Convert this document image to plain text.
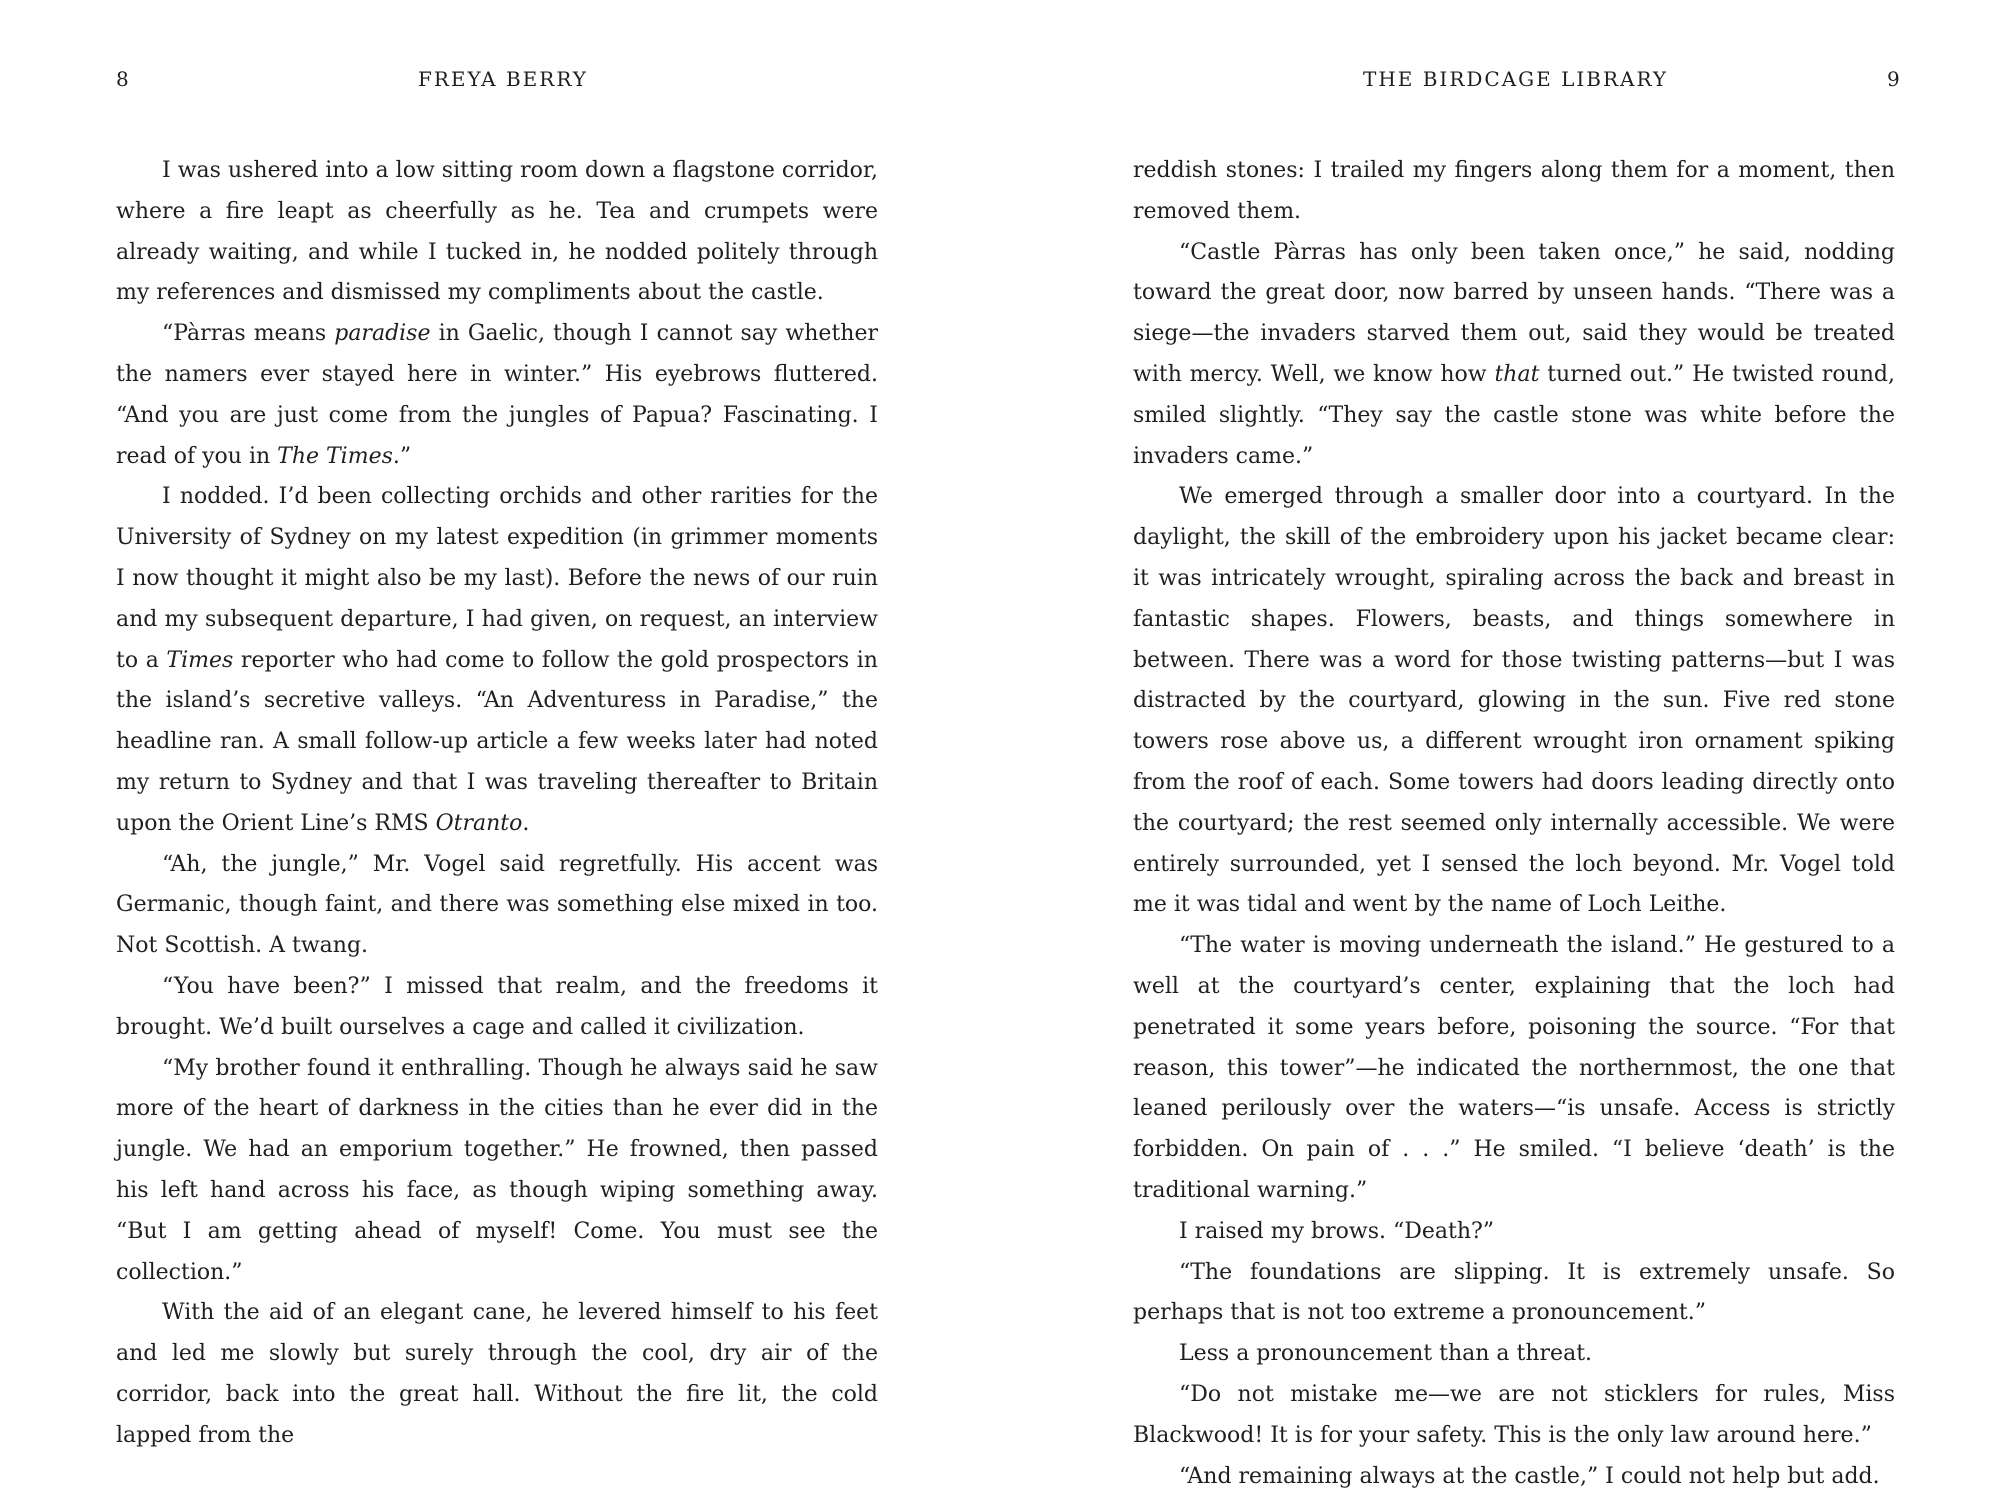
8	FREYA BERRY

I was ushered into a low sitting room down a flagstone corridor, where a fire leapt as cheerfully as he. Tea and crumpets were already waiting, and while I tucked in, he nodded politely through my references and dismissed my compliments about the castle.

“Pàrras means paradise in Gaelic, though I cannot say whether the namers ever stayed here in winter.” His eyebrows fluttered. “And you are just come from the jungles of Papua? Fascinating. I read of you in The Times.”

I nodded. I’d been collecting orchids and other rarities for the University of Sydney on my latest expedition (in grimmer moments I now thought it might also be my last). Before the news of our ruin and my subsequent departure, I had given, on request, an interview to a Times reporter who had come to follow the gold prospectors in the island’s secretive valleys. “An Adventuress in Paradise,” the headline ran. A small follow-up article a few weeks later had noted my return to Sydney and that I was traveling thereafter to Britain upon the Orient Line’s RMS Otranto.

“Ah, the jungle,” Mr. Vogel said regretfully. His accent was Germanic, though faint, and there was something else mixed in too. Not Scottish. A twang.

“You have been?” I missed that realm, and the freedoms it brought. We’d built ourselves a cage and called it civilization.

“My brother found it enthralling. Though he always said he saw more of the heart of darkness in the cities than he ever did in the jungle. We had an emporium together.” He frowned, then passed his left hand across his face, as though wiping something away. “But I am getting ahead of myself! Come. You must see the collection.”

With the aid of an elegant cane, he levered himself to his feet and led me slowly but surely through the cool, dry air of the corridor, back into the great hall. Without the fire lit, the cold lapped from the

THE BIRDCAGE LIBRARY	9

reddish stones: I trailed my fingers along them for a moment, then removed them.

“Castle Pàrras has only been taken once,” he said, nodding toward the great door, now barred by unseen hands. “There was a siege—the invaders starved them out, said they would be treated with mercy. Well, we know how that turned out.” He twisted round, smiled slightly. “They say the castle stone was white before the invaders came.”

We emerged through a smaller door into a courtyard. In the daylight, the skill of the embroidery upon his jacket became clear: it was intricately wrought, spiraling across the back and breast in fantastic shapes. Flowers, beasts, and things somewhere in between. There was a word for those twisting patterns—but I was distracted by the courtyard, glowing in the sun. Five red stone towers rose above us, a different wrought iron ornament spiking from the roof of each. Some towers had doors leading directly onto the courtyard; the rest seemed only internally accessible. We were entirely surrounded, yet I sensed the loch beyond. Mr. Vogel told me it was tidal and went by the name of Loch Leithe.

“The water is moving underneath the island.” He gestured to a well at the courtyard’s center, explaining that the loch had penetrated it some years before, poisoning the source. “For that reason, this tower”—he indicated the northernmost, the one that leaned perilously over the waters—“is unsafe. Access is strictly forbidden. On pain of . . .” He smiled. “I believe ‘death’ is the traditional warning.”

I raised my brows. “Death?”

“The foundations are slipping. It is extremely unsafe. So perhaps that is not too extreme a pronouncement.”

Less a pronouncement than a threat.

“Do not mistake me—we are not sticklers for rules, Miss Blackwood! It is for your safety. This is the only law around here.”

“And remaining always at the castle,” I could not help but add.
